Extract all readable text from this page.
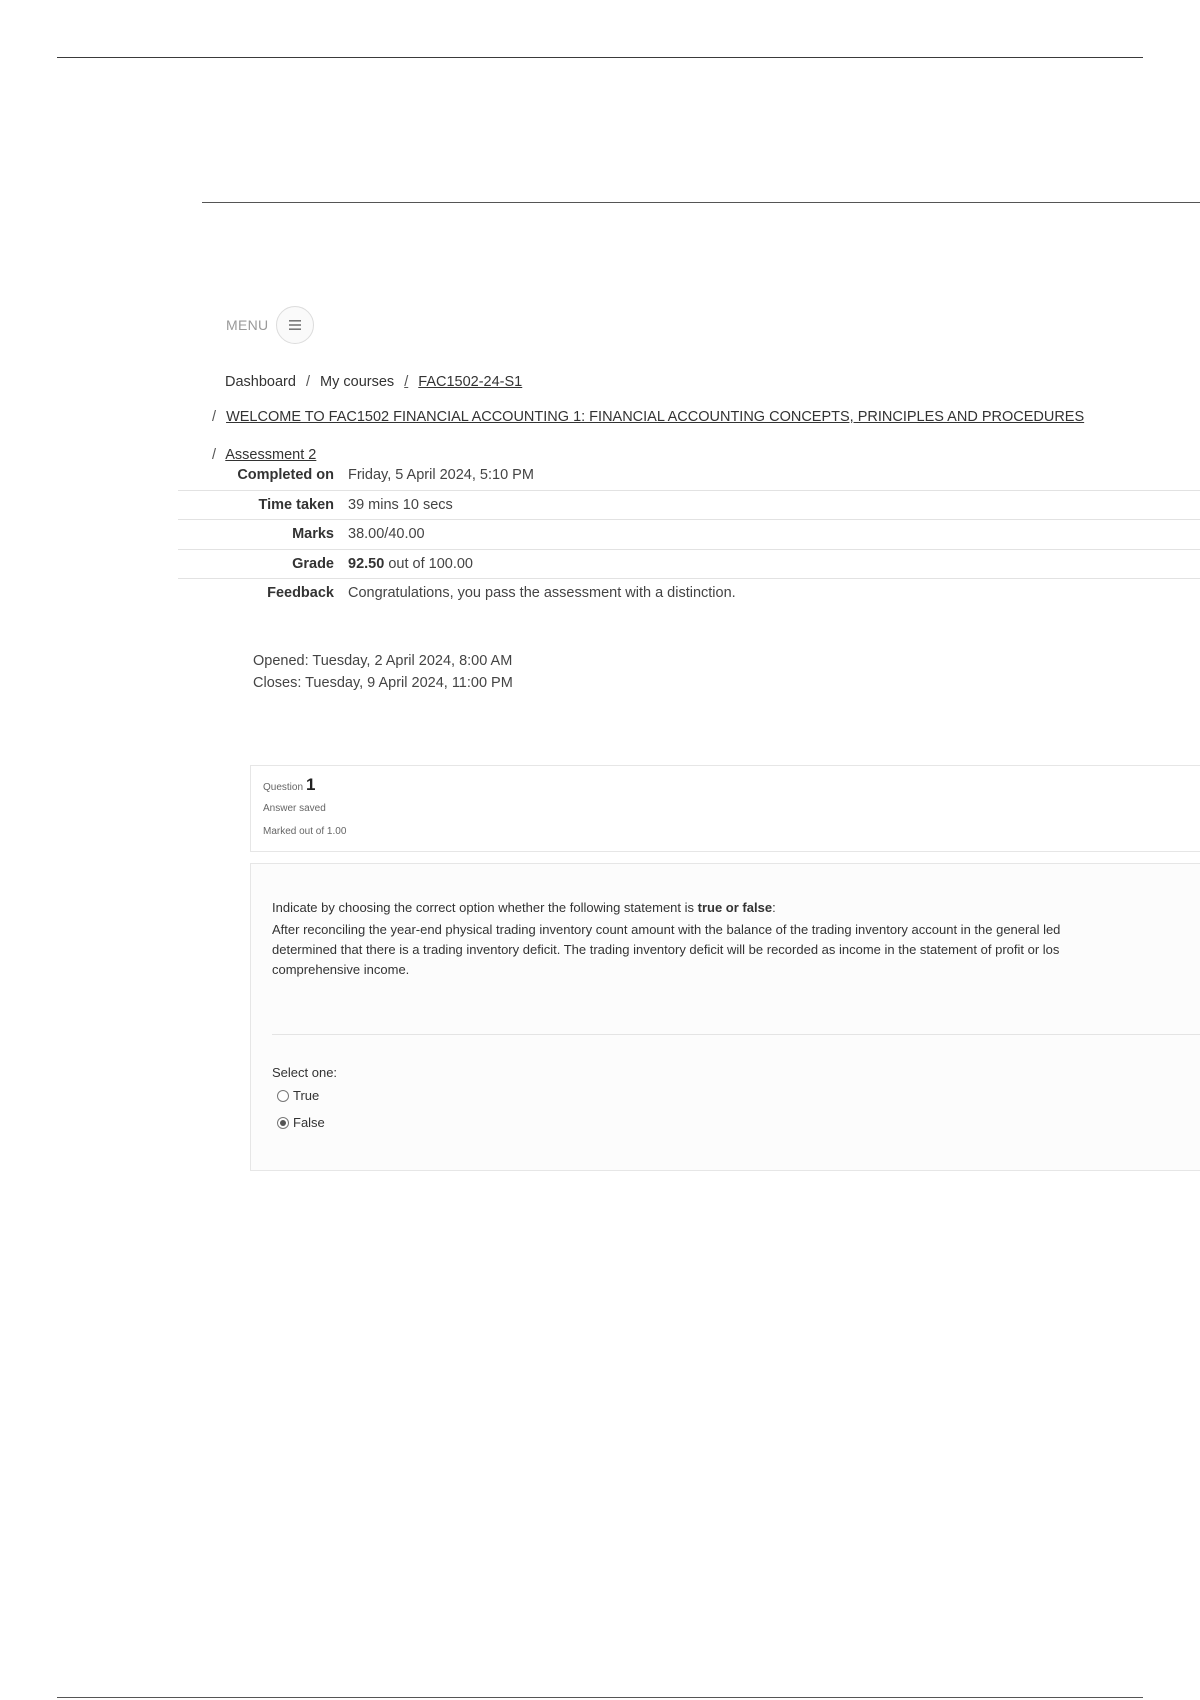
MENU
Dashboard / My courses / FAC1502-24-S1
/ WELCOME TO FAC1502 FINANCIAL ACCOUNTING 1: FINANCIAL ACCOUNTING CONCEPTS, PRINCIPLES AND PROCEDURES
/ Assessment 2
Completed on Friday, 5 April 2024, 5:10 PM
Time taken 39 mins 10 secs
Marks 38.00/40.00
Grade 92.50 out of 100.00
Feedback Congratulations, you pass the assessment with a distinction.
Opened: Tuesday, 2 April 2024, 8:00 AM
Closes: Tuesday, 9 April 2024, 11:00 PM
Question 1
Answer saved
Marked out of 1.00
Indicate by choosing the correct option whether the following statement is true or false:
After reconciling the year-end physical trading inventory count amount with the balance of the trading inventory account in the general led
determined that there is a trading inventory deficit. The trading inventory deficit will be recorded as income in the statement of profit or los
comprehensive income.
Select one:
True
False
